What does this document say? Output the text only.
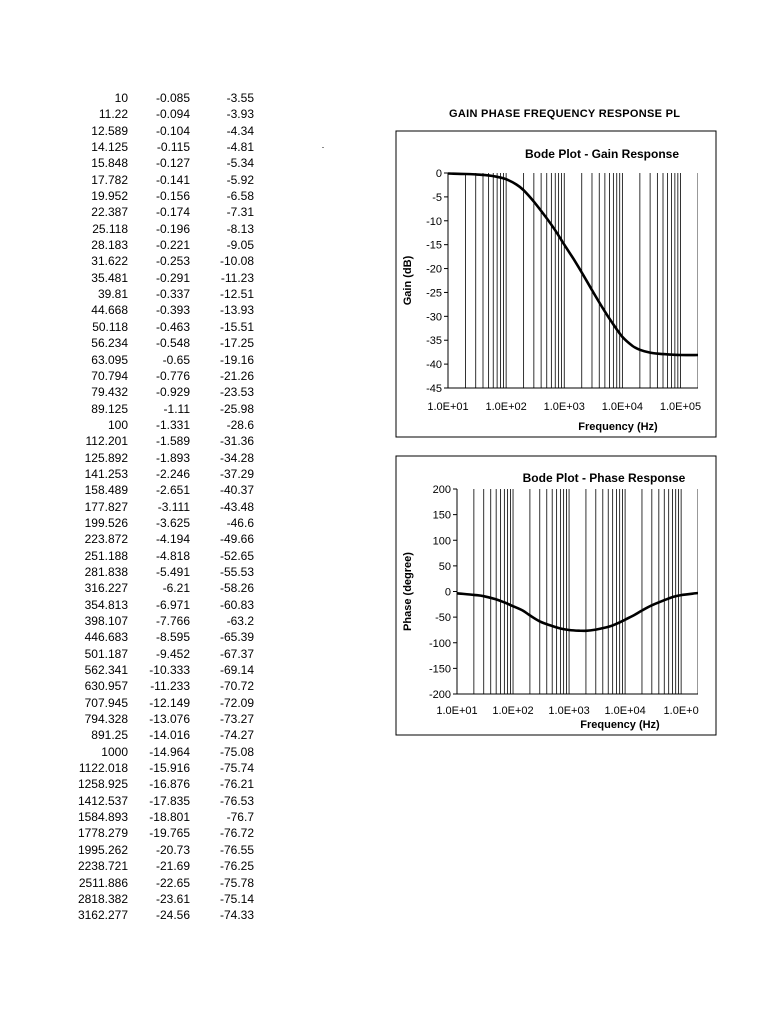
10 -0.085	-3.55
11.22 -0.094	-3.93
12.589 -0.104	-4.34
14.125 -0.115	-4.81
15.848 -0.127	-5.34
17.782 -0.141	-5.92
19.952 -0.156	-6.58
22.387 -0.174	-7.31
25.118 -0.196	-8.13
28.183 -0.221	-9.05
31.622 -0.253 -10.08
35.481 -0.291	-11.23
39.81 -0.337 -12.51
44.668 -0.393 -13.93
50.118 -0.463 -15.51
56.234 -0.548 -17.25
63.095	-0.65 -19.16
70.794 -0.776 -21.26
79.432 -0.929 -23.53
89.125	-1.11 -25.98
100 -1.331	-28.6
112.201 -1.589 -31.36
125.892 -1.893 -34.28
141.253 -2.246 -37.29
158.489 -2.651 -40.37
177.827 -3.111 -43.48
199.526 -3.625	-46.6
223.872 -4.194 -49.66
251.188 -4.818 -52.65
281.838 -5.491 -55.53
316.227	-6.21 -58.26
354.813 -6.971 -60.83
398.107 -7.766	-63.2
446.683 -8.595 -65.39
501.187 -9.452 -67.37
562.341 -10.333 -69.14
630.957 -11.233 -70.72
707.945 -12.149 -72.09
794.328 -13.076 -73.27
891.25 -14.016 -74.27
1000 -14.964 -75.08
1122.018 -15.916 -75.74
1258.925 -16.876 -76.21
1412.537 -17.835 -76.53
1584.893 -18.801	-76.7
1778.279 -19.765 -76.72
1995.262 -20.73 -76.55
2238.721 -21.69 -76.25
2511.886 -22.65 -75.78
2818.382 -23.61 -75.14
3162.277 -24.56 -74.33
GAIN PHASE FREQUENCY RESPONSE PL
0
-5
-10
-15
-20
-25
-30
-35
-40
-45
1.0E+01 1.0E+02 1.0E+03 1.0E+04 1.0E+05
Bode Plot - Gain Response
Frequency (Hz)
Gain (dB)
200
150
100
50
0
-50
-100
-150
-200
1.0E+01 1.0E+02 1.0E+03 1.0E+04 1.0E+0
Bode Plot - Phase Response
Frequency (Hz)
Phase (degree)
